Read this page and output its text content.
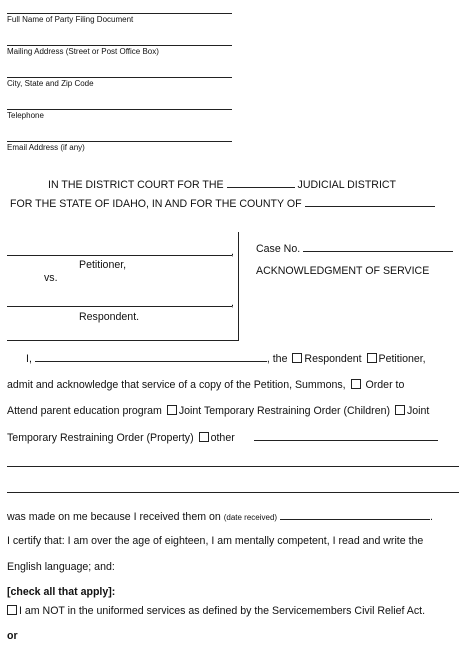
Full Name of Party Filing Document
Mailing Address (Street or Post Office Box)
City, State and Zip Code
Telephone
Email Address (if any)
IN THE DISTRICT COURT FOR THE	JUDICIAL DISTRICT
FOR THE STATE OF IDAHO, IN AND FOR THE COUNTY OF
,
Petitioner,
vs.
,
Respondent.
Case No.
ACKNOWLEDGMENT OF SERVICE
I,	, the Respondent Petitioner,
admit and acknowledge that service of a copy of the Petition, Summons, Order to
Attend parent education program Joint Temporary Restraining Order (Children) Joint
Temporary Restraining Order (Property) other
was made on me because I received them on (date received)	.
I certify that: I am over the age of eighteen, I am mentally competent, I read and write the
English language; and:
[check all that apply]:
I am NOT in the uniformed services as defined by the Servicemembers Civil Relief Act.
or
